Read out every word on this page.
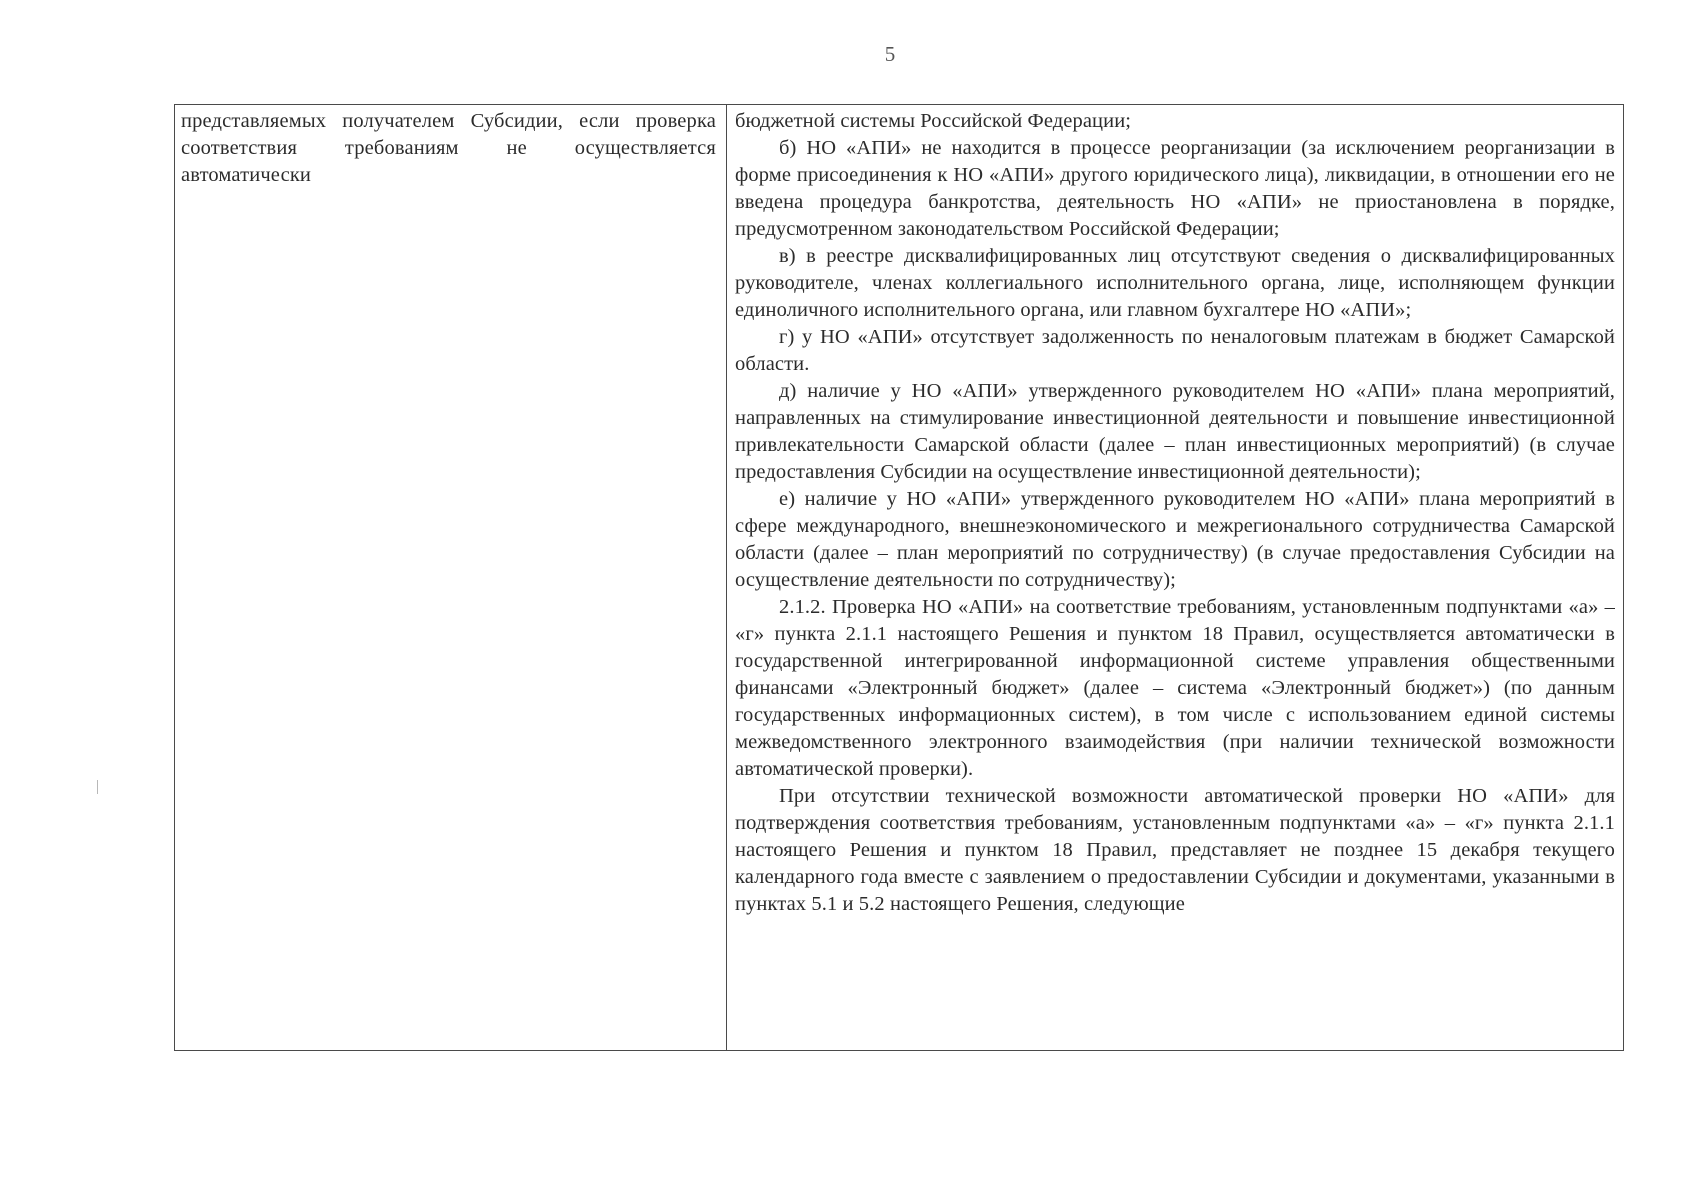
5
представляемых получателем Субсидии, если проверка соответствия требованиям не осуществляется автоматически

бюджетной системы Российской Федерации;

б) НО «АПИ» не находится в процессе реорганизации (за исключением реорганизации в форме присоединения к НО «АПИ» другого юридического лица), ликвидации, в отношении его не введена процедура банкротства, деятельность НО «АПИ» не приостановлена в порядке, предусмотренном законодательством Российской Федерации;

в) в реестре дисквалифицированных лиц отсутствуют сведения о дисквалифицированных руководителе, членах коллегиального исполнительного органа, лице, исполняющем функции единоличного исполнительного органа, или главном бухгалтере НО «АПИ»;

г) у НО «АПИ» отсутствует задолженность по неналоговым платежам в бюджет Самарской области.

д) наличие у НО «АПИ» утвержденного руководителем НО «АПИ» плана мероприятий, направленных на стимулирование инвестиционной деятельности и повышение инвестиционной привлекательности Самарской области (далее – план инвестиционных мероприятий) (в случае предоставления Субсидии на осуществление инвестиционной деятельности);

е) наличие у НО «АПИ» утвержденного руководителем НО «АПИ» плана мероприятий в сфере международного, внешнеэкономического и межрегионального сотрудничества Самарской области (далее – план мероприятий по сотрудничеству) (в случае предоставления Субсидии на осуществление деятельности по сотрудничеству);

2.1.2. Проверка НО «АПИ» на соответствие требованиям, установленным подпунктами «а» – «г» пункта 2.1.1 настоящего Решения и пунктом 18 Правил, осуществляется автоматически в государственной интегрированной информационной системе управления общественными финансами «Электронный бюджет» (далее – система «Электронный бюджет») (по данным государственных информационных систем), в том числе с использованием единой системы межведомственного электронного взаимодействия (при наличии технической возможности автоматической проверки).

При отсутствии технической возможности автоматической проверки НО «АПИ» для подтверждения соответствия требованиям, установленным подпунктами «а» – «г» пункта 2.1.1 настоящего Решения и пунктом 18 Правил, представляет не позднее 15 декабря текущего календарного года вместе с заявлением о предоставлении Субсидии и документами, указанными в пунктах 5.1 и 5.2 настоящего Решения, следующие
